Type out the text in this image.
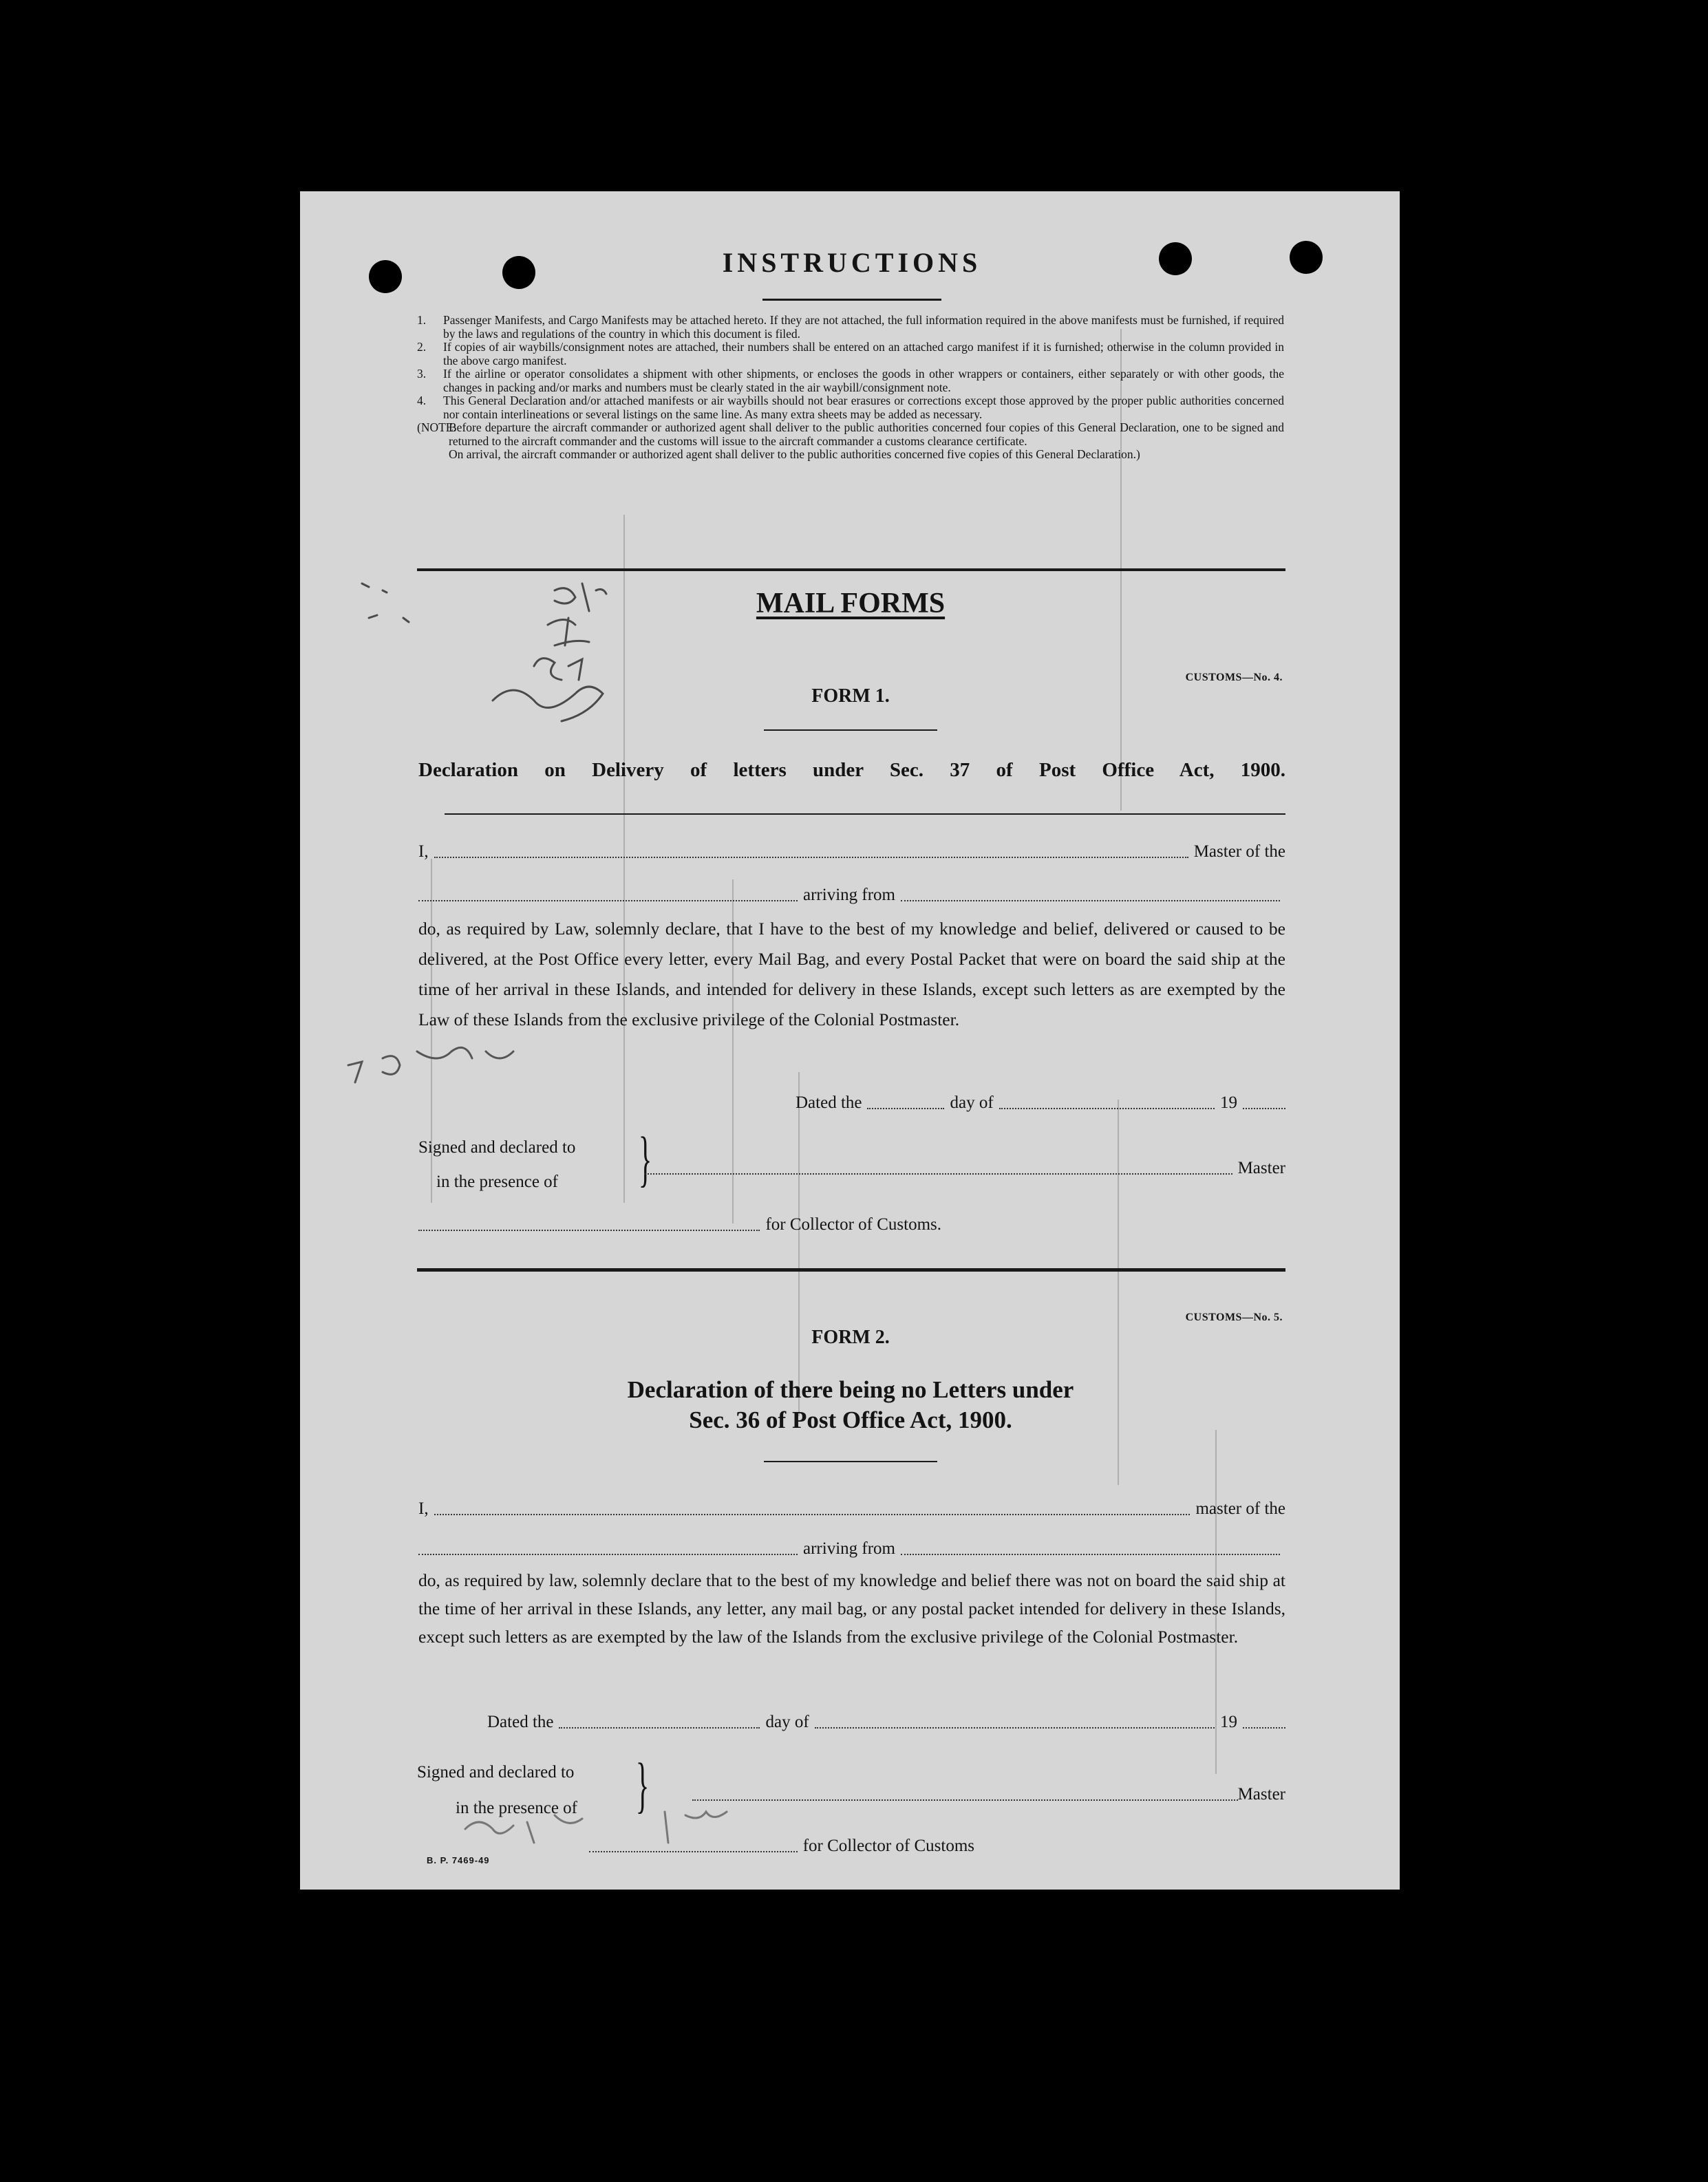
INSTRUCTIONS
1.	Passenger Manifests, and Cargo Manifests may be attached hereto. If they are not attached, the full information required in the above manifests must be furnished, if required by the laws and regulations of the country in which this document is filed.
2.	If copies of air waybills/consignment notes are attached, their numbers shall be entered on an attached cargo manifest if it is furnished; otherwise in the column provided in the above cargo manifest.
3.	If the airline or operator consolidates a shipment with other shipments, or encloses the goods in other wrappers or containers, either separately or with other goods, the changes in packing and/or marks and numbers must be clearly stated in the air waybill/consignment note.
4.	This General Declaration and/or attached manifests or air waybills should not bear erasures or corrections except those approved by the proper public authorities concerned nor contain interlineations or several listings on the same line. As many extra sheets may be added as necessary.
(NOTE:
Before departure the aircraft commander or authorized agent shall deliver to the public authorities concerned four copies of this General Declaration, one to be signed and returned to the aircraft commander and the customs will issue to the aircraft commander a customs clearance certificate.
On arrival, the aircraft commander or authorized agent shall deliver to the public authorities concerned five copies of this General Declaration.)
MAIL FORMS
CUSTOMS—No. 4.
FORM 1.
Declaration on Delivery of letters under Sec. 37 of Post Office Act, 1900.
I,	Master of the
arriving from
do, as required by Law, solemnly declare, that I have to the best of my knowledge and belief, delivered or caused to be delivered, at the Post Office every letter, every Mail Bag, and every Postal Packet that were on board the said ship at the time of her arrival in these Islands, and intended for delivery in these Islands, except such letters as are exempted by the Law of these Islands from the exclusive privilege of the Colonial Postmaster.
Dated the	day of	19
Signed and declared to
in the presence of }	Master
for Collector of Customs.
CUSTOMS—No. 5.
FORM 2.
Declaration of there being no Letters under
Sec. 36 of Post Office Act, 1900.
I,	master of the
arriving from
do, as required by law, solemnly declare that to the best of my knowledge and belief there was not on board the said ship at the time of her arrival in these Islands, any letter, any mail bag, or any postal packet intended for delivery in these Islands, except such letters as are exempted by the law of the Islands from the exclusive privilege of the Colonial Postmaster.
Dated the	day of	19
Signed and declared to
in the presence of }	Master
for Collector of Customs
B. P. 7469-49
